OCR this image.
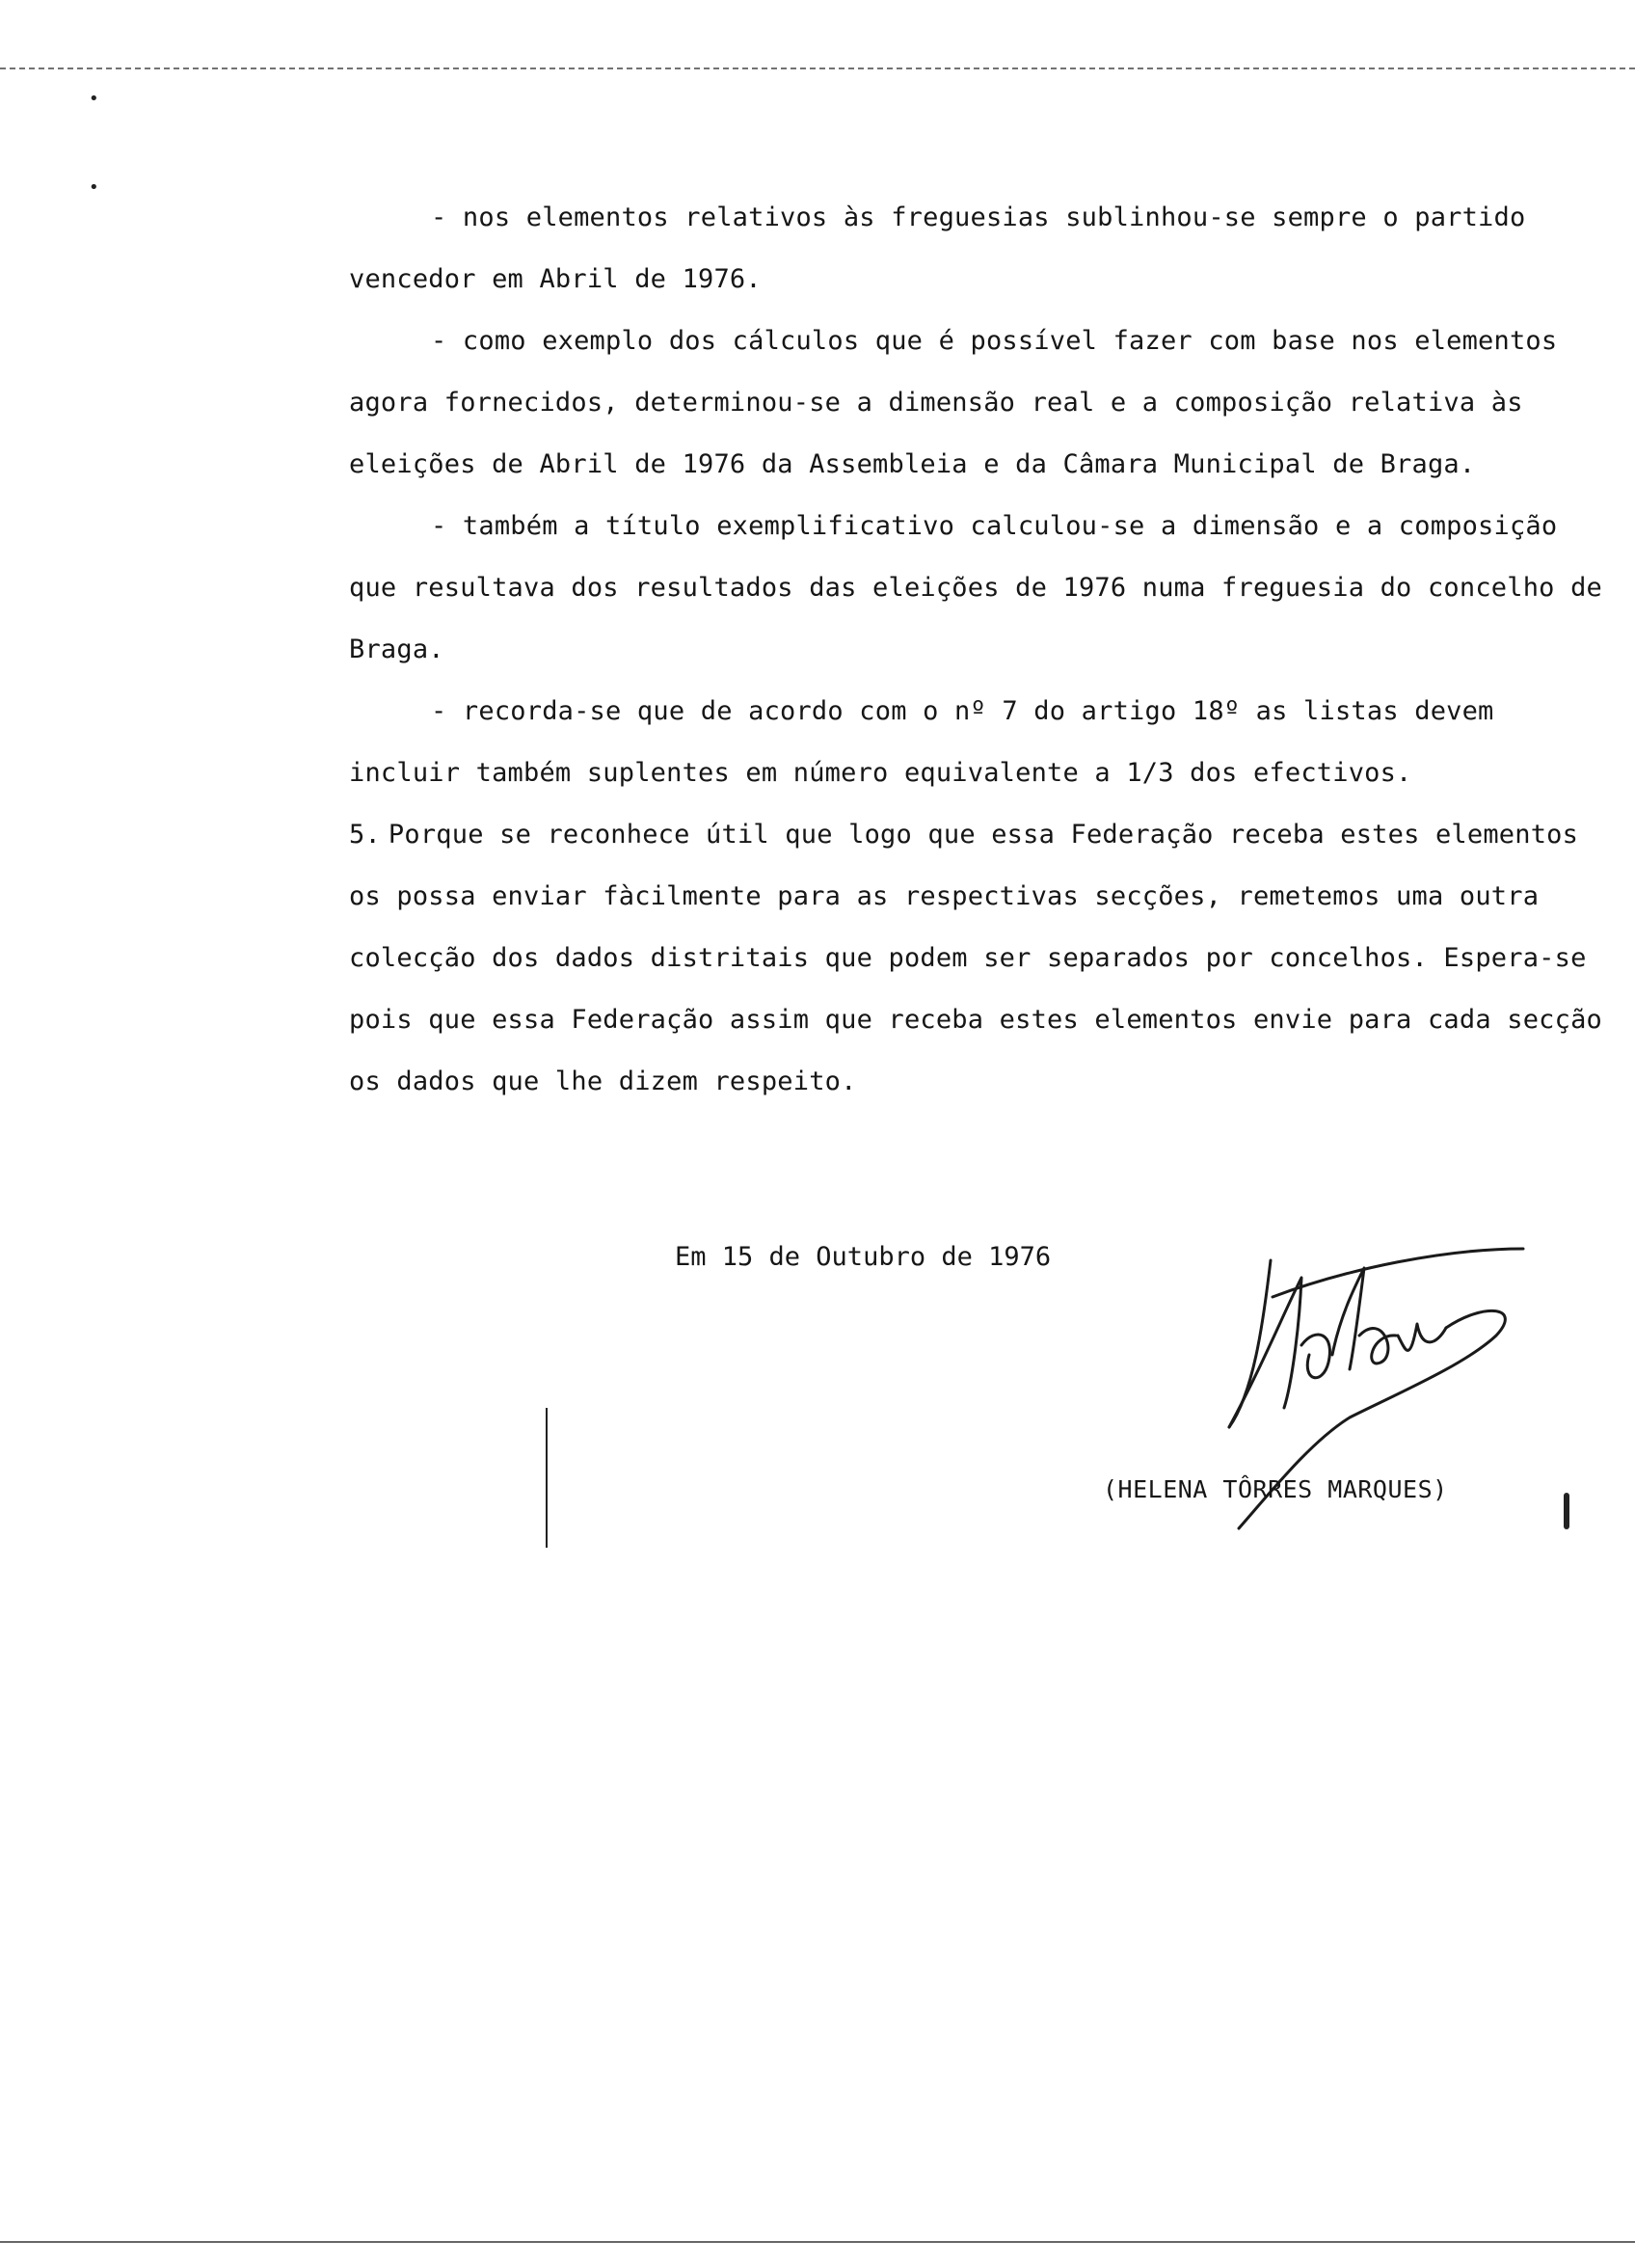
•
•

- nos elementos relativos às freguesias sublinhou-se sempre o partido vencedor em Abril de 1976.

- como exemplo dos cálculos que é possível fazer com base nos elementos agora fornecidos, determinou-se a dimensão real e a composição relativa às eleições de Abril de 1976 da Assembleia e da Câmara Municipal de Braga.

- também a título exemplificativo calculou-se a dimensão e a composição que resultava dos resultados das eleições de 1976 numa freguesia do concelho de Braga.

- recorda-se que de acordo com o nº 7 do artigo 18º as listas devem incluir também suplentes em número equivalente a 1/3 dos efectivos.

5. Porque se reconhece útil que logo que essa Federação receba estes elementos os possa enviar fàcilmente para as respectivas secções, remetemos uma outra colecção dos dados distritais que podem ser separados por concelhos. Espera-se pois que essa Federação assim que receba estes elementos envie para cada secção os dados que lhe dizem respeito.

Em 15 de Outubro de 1976
(HELENA TÔRRES MARQUES)
